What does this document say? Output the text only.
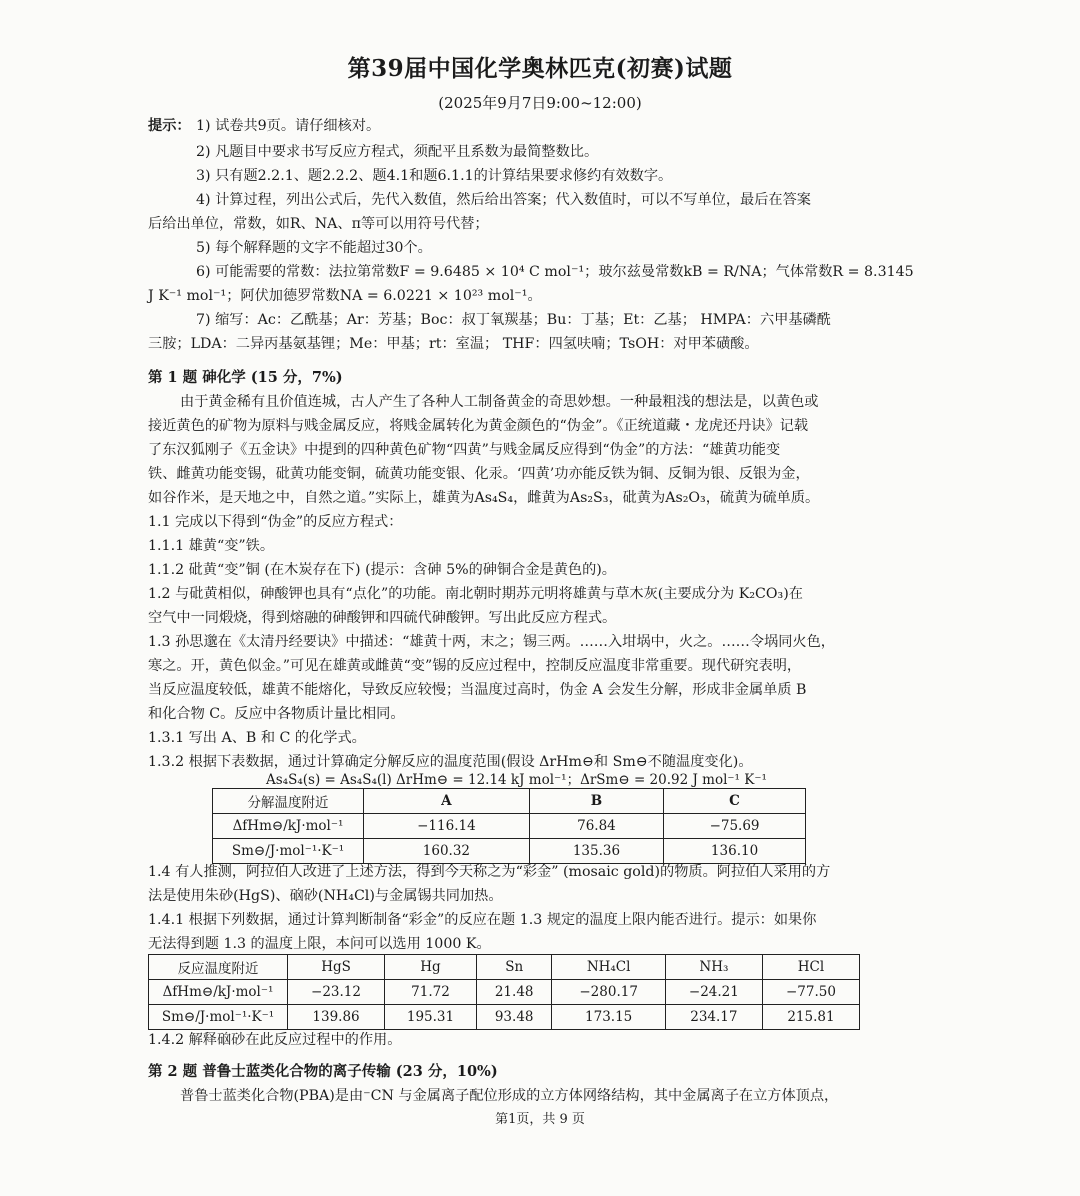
第39届中国化学奥林匹克(初赛)试题
(2025年9月7日9:00~12:00)
提示： 1) 试卷共9页。请仔细核对。
2) 凡题目中要求书写反应方程式，须配平且系数为最简整数比。
3) 只有题2.2.1、题2.2.2、题4.1和题6.1.1的计算结果要求修约有效数字。
4) 计算过程，列出公式后，先代入数值，然后给出答案；代入数值时，可以不写单位，最后在答案
后给出单位，常数，如R、NA、π等可以用符号代替；
5) 每个解释题的文字不能超过30个。
6) 可能需要的常数：法拉第常数F = 9.6485 × 10⁴ C mol⁻¹；玻尔兹曼常数kB = R/NA；气体常数R = 8.3145
J K⁻¹ mol⁻¹；阿伏加德罗常数NA = 6.0221 × 10²³ mol⁻¹。
7) 缩写：Ac：乙酰基；Ar：芳基；Boc：叔丁氧羰基；Bu：丁基；Et：乙基； HMPA：六甲基磷酰
三胺；LDA：二异丙基氨基锂；Me：甲基；rt：室温； THF：四氢呋喃；TsOH：对甲苯磺酸。
第 1 题 砷化学 (15 分，7%)
由于黄金稀有且价值连城，古人产生了各种人工制备黄金的奇思妙想。一种最粗浅的想法是，以黄色或
接近黄色的矿物为原料与贱金属反应，将贱金属转化为黄金颜色的“伪金”。《正统道藏・龙虎还丹诀》记载
了东汉狐刚子《五金诀》中提到的四种黄色矿物“四黄”与贱金属反应得到“伪金”的方法：“雄黄功能变
铁、雌黄功能变锡，砒黄功能变铜，硫黄功能变银、化汞。‘四黄’功亦能反铁为铜、反铜为银、反银为金，
如谷作米，是天地之中，自然之道。”实际上，雄黄为As₄S₄，雌黄为As₂S₃，砒黄为As₂O₃，硫黄为硫单质。
1.1 完成以下得到“伪金”的反应方程式：
1.1.1 雄黄“变”铁。
1.1.2 砒黄“变”铜 (在木炭存在下) (提示：含砷 5%的砷铜合金是黄色的)。
1.2 与砒黄相似，砷酸钾也具有“点化”的功能。南北朝时期苏元明将雄黄与草木灰(主要成分为 K₂CO₃)在
空气中一同煅烧，得到熔融的砷酸钾和四硫代砷酸钾。写出此反应方程式。
1.3 孙思邈在《太清丹经要诀》中描述：“雄黄十两，末之；锡三两。……入坩埚中，火之。……令埚同火色，
寒之。开，黄色似金。”可见在雄黄或雌黄“变”锡的反应过程中，控制反应温度非常重要。现代研究表明，
当反应温度较低，雄黄不能熔化，导致反应较慢；当温度过高时，伪金 A 会发生分解，形成非金属单质 B
和化合物 C。反应中各物质计量比相同。
1.3.1 写出 A、B 和 C 的化学式。
1.3.2 根据下表数据，通过计算确定分解反应的温度范围(假设 ΔrHm⊖和 Sm⊖不随温度变化)。
As₄S₄(s) = As₄S₄(l) ΔrHm⊖ = 12.14 kJ mol⁻¹；ΔrSm⊖ = 20.92 J mol⁻¹ K⁻¹
分解温度附近	A	B	C
ΔfHm⊖/kJ·mol⁻¹	−116.14	76.84	−75.69
Sm⊖/J·mol⁻¹·K⁻¹	160.32	135.36	136.10
1.4 有人推测，阿拉伯人改进了上述方法，得到今天称之为“彩金” (mosaic gold)的物质。阿拉伯人采用的方
法是使用朱砂(HgS)、硇砂(NH₄Cl)与金属锡共同加热。
1.4.1 根据下列数据，通过计算判断制备“彩金”的反应在题 1.3 规定的温度上限内能否进行。提示：如果你
无法得到题 1.3 的温度上限，本问可以选用 1000 K。
反应温度附近	HgS	Hg	Sn	NH₄Cl	NH₃	HCl
ΔfHm⊖/kJ·mol⁻¹	−23.12	71.72	21.48	−280.17	−24.21	−77.50
Sm⊖/J·mol⁻¹·K⁻¹	139.86	195.31	93.48	173.15	234.17	215.81
1.4.2 解释硇砂在此反应过程中的作用。
第 2 题 普鲁士蓝类化合物的离子传输 (23 分，10%)
普鲁士蓝类化合物(PBA)是由⁻CN 与金属离子配位形成的立方体网络结构，其中金属离子在立方体顶点，
第1页，共 9 页
